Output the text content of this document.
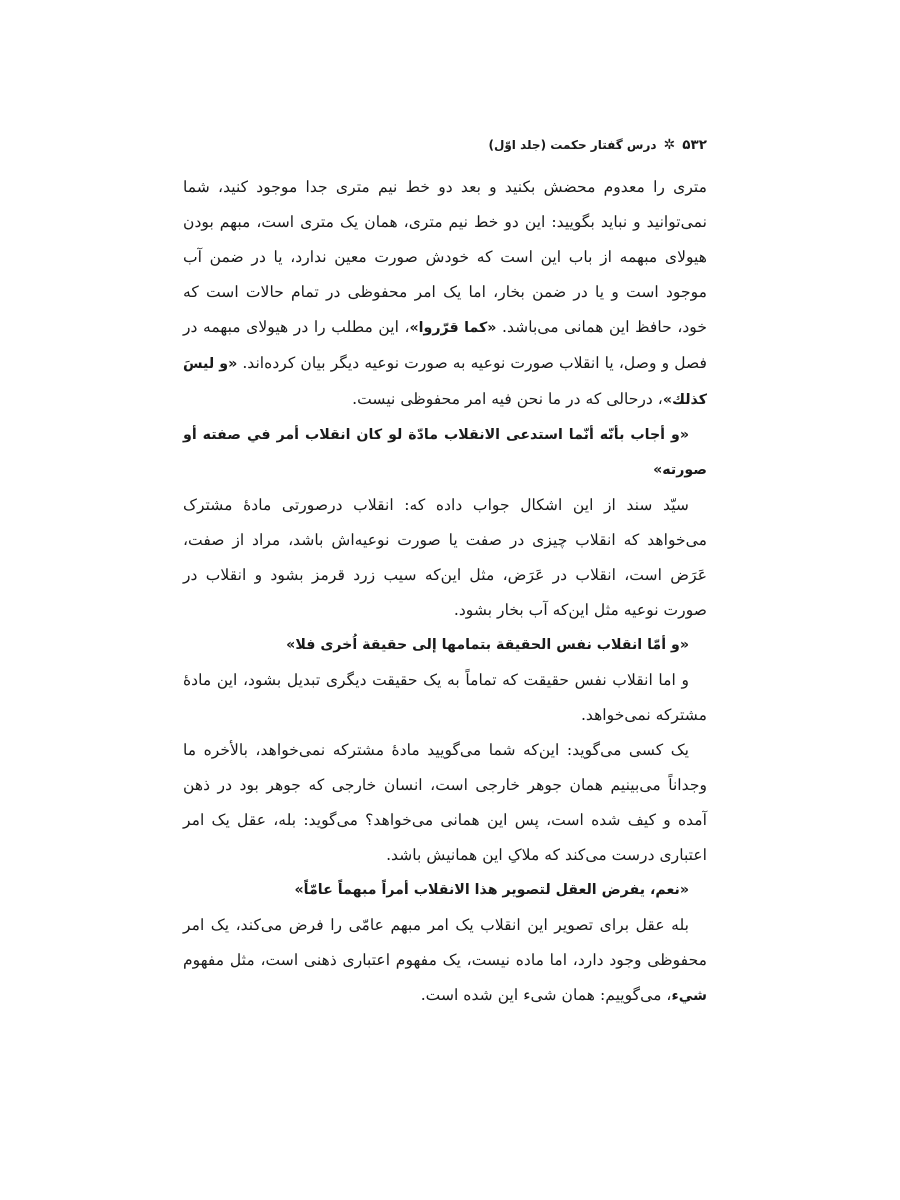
۵۳۲
✲
درس گفتار حکمت (جلد اوّل)

متری را معدوم محضش بکنید و بعد دو خط نیم متری جدا موجود کنید، شما نمی‌توانید و نباید بگویید: این دو خط نیم متری، همان یک متری است، مبهم بودن هیولای مبهمه از باب این است که خودش صورت معین ندارد، یا در ضمن آب موجود است و یا در ضمن بخار، اما یک امر محفوظی در تمام حالات است که خود، حافظ این همانی می‌باشد. «کما قرّروا»، این مطلب را در هیولای مبهمه در فصل و وصل، یا انقلاب صورت نوعیه به صورت نوعیه دیگر بیان کرده‌اند. «و لیسَ کذلك»، درحالی که در ما نحن فیه امر محفوظی نیست.

«و أجاب بأنّه أنّما استدعی الانقلاب مادّة لو کان انقلاب أمر في صفته أو صورته»

سیّد سند از این اشکال جواب داده که: انقلاب درصورتی مادهٔ مشترک می‌خواهد که انقلاب چیزی در صفت یا صورت نوعیه‌اش باشد، مراد از صفت، عَرَض است، انقلاب در عَرَض، مثل این‌که سیب زرد قرمز بشود و انقلاب در صورت نوعیه مثل این‌که آب بخار بشود.

«و أمّا انقلاب نفس الحقیقة بتمامها إلی حقیقة اُخری فلا»

و اما انقلاب نفس حقیقت که تماماً به یک حقیقت دیگری تبدیل بشود، این مادهٔ مشترکه نمی‌خواهد.

یک کسی می‌گوید: این‌که شما می‌گویید مادهٔ مشترکه نمی‌خواهد، بالأخره ما وجداناً می‌بینیم همان جوهر خارجی است، انسان خارجی که جوهر بود در ذهن آمده و کیف شده است، پس این همانی می‌خواهد؟ می‌گوید: بله، عقل یک امر اعتباری درست می‌کند که ملاکِ این همانیش باشد.

«نعم، یفرض العقل لتصویر هذا الانقلاب أمراً مبهماً عامّاً»

بله عقل برای تصویر این انقلاب یک امر مبهم عامّی را فرض می‌کند، یک امر محفوظی وجود دارد، اما ماده نیست، یک مفهوم اعتباری ذهنی است، مثل مفهوم شيء، می‌گوییم: همان شیء این شده است.
